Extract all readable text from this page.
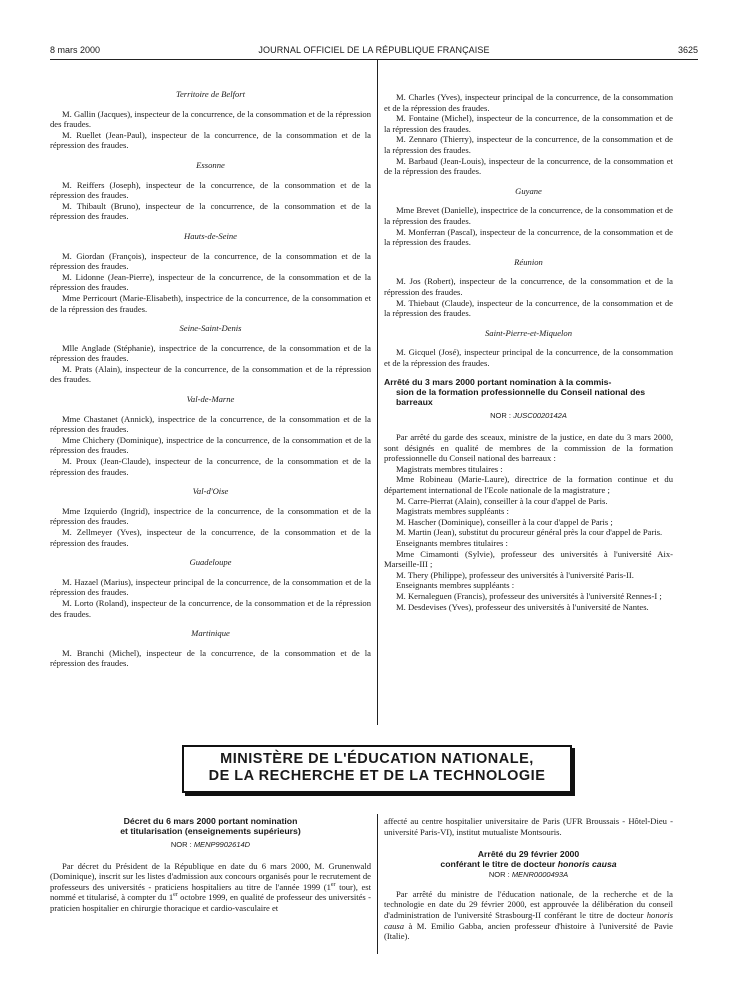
8 mars 2000	JOURNAL OFFICIEL DE LA RÉPUBLIQUE FRANÇAISE	3625
Territoire de Belfort

M. Gallin (Jacques), inspecteur de la concurrence, de la consommation et de la répression des fraudes.

M. Ruellet (Jean-Paul), inspecteur de la concurrence, de la consommation et de la répression des fraudes.

Essonne

M. Reiffers (Joseph), inspecteur de la concurrence, de la consommation et de la répression des fraudes.

M. Thibault (Bruno), inspecteur de la concurrence, de la consommation et de la répression des fraudes.

Hauts-de-Seine

M. Giordan (François), inspecteur de la concurrence, de la consommation et de la répression des fraudes.

M. Lidonne (Jean-Pierre), inspecteur de la concurrence, de la consommation et de la répression des fraudes.

Mme Perricourt (Marie-Elisabeth), inspectrice de la concurrence, de la consommation et de la répression des fraudes.

Seine-Saint-Denis

Mlle Anglade (Stéphanie), inspectrice de la concurrence, de la consommation et de la répression des fraudes.

M. Prats (Alain), inspecteur de la concurrence, de la consommation et de la répression des fraudes.

Val-de-Marne

Mme Chastanet (Annick), inspectrice de la concurrence, de la consommation et de la répression des fraudes.

Mme Chichery (Dominique), inspectrice de la concurrence, de la consommation et de la répression des fraudes.

M. Proux (Jean-Claude), inspecteur de la concurrence, de la consommation et de la répression des fraudes.

Val-d'Oise

Mme Izquierdo (Ingrid), inspectrice de la concurrence, de la consommation et de la répression des fraudes.

M. Zellmeyer (Yves), inspecteur de la concurrence, de la consommation et de la répression des fraudes.

Guadeloupe

M. Hazael (Marius), inspecteur principal de la concurrence, de la consommation et de la répression des fraudes.

M. Lorto (Roland), inspecteur de la concurrence, de la consommation et de la répression des fraudes.

Martinique

M. Branchi (Michel), inspecteur de la concurrence, de la consommation et de la répression des fraudes.

M. Charles (Yves), inspecteur principal de la concurrence, de la consommation et de la répression des fraudes.

M. Fontaine (Michel), inspecteur de la concurrence, de la consommation et de la répression des fraudes.

M. Zennaro (Thierry), inspecteur de la concurrence, de la consommation et de la répression des fraudes.

M. Barbaud (Jean-Louis), inspecteur de la concurrence, de la consommation et de la répression des fraudes.

Guyane

Mme Brevet (Danielle), inspectrice de la concurrence, de la consommation et de la répression des fraudes.

M. Monferran (Pascal), inspecteur de la concurrence, de la consommation et de la répression des fraudes.

Réunion

M. Jos (Robert), inspecteur de la concurrence, de la consommation et de la répression des fraudes.

M. Thiebaut (Claude), inspecteur de la concurrence, de la consommation et de la répression des fraudes.

Saint-Pierre-et-Miquelon

M. Gicquel (José), inspecteur principal de la concurrence, de la consommation et de la répression des fraudes.

Arrêté du 3 mars 2000 portant nomination à la commis-
sion de la formation professionnelle du Conseil national des barreaux

NOR : JUSC0020142A

Par arrêté du garde des sceaux, ministre de la justice, en date du 3 mars 2000, sont désignés en qualité de membres de la commission de la formation professionnelle du Conseil national des barreaux :

Magistrats membres titulaires :

Mme Robineau (Marie-Laure), directrice de la formation continue et du département international de l'Ecole nationale de la magistrature ;

M. Carre-Pierrat (Alain), conseiller à la cour d'appel de Paris.

Magistrats membres suppléants :

M. Hascher (Dominique), conseiller à la cour d'appel de Paris ;

M. Martin (Jean), substitut du procureur général près la cour d'appel de Paris.

Enseignants membres titulaires :

Mme Cimamonti (Sylvie), professeur des universités à l'université Aix-Marseille-III ;

M. Thery (Philippe), professeur des universités à l'université Paris-II.

Enseignants membres suppléants :

M. Kernaleguen (Francis), professeur des universités à l'université Rennes-I ;

M. Desdevises (Yves), professeur des universités à l'université de Nantes.

MINISTÈRE DE L'ÉDUCATION NATIONALE,
DE LA RECHERCHE ET DE LA TECHNOLOGIE

Décret du 6 mars 2000 portant nomination

et titularisation (enseignements supérieurs)

NOR : MENP9902614D

Par décret du Président de la République en date du 6 mars 2000, M. Grunenwald (Dominique), inscrit sur les listes d'admission aux concours organisés pour le recrutement de professeurs des universités - praticiens hospitaliers au titre de l'année 1999 (1er tour), est nommé et titularisé, à compter du 1er octobre 1999, en qualité de professeur des universités - praticien hospitalier en chirurgie thoracique et cardio-vasculaire et

affecté au centre hospitalier universitaire de Paris (UFR Broussais - Hôtel-Dieu - université Paris-VI), institut mutualiste Montsouris.

Arrêté du 29 février 2000

conférant le titre de docteur honoris causa

NOR : MENR0000493A

Par arrêté du ministre de l'éducation nationale, de la recherche et de la technologie en date du 29 février 2000, est approuvée la délibération du conseil d'administration de l'université Strasbourg-II conférant le titre de docteur honoris causa à M. Emilio Gabba, ancien professeur d'histoire à l'université de Pavie (Italie).
